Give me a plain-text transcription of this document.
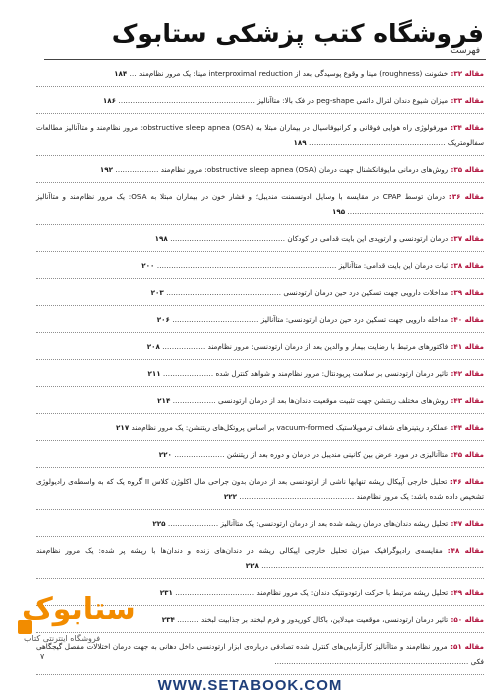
فروشگاه کتب پزشکی ستابوک
فهرست
مقاله ۳۲: خشونت (roughness) مینا و وقوع پوسیدگی بعد از interproximal reduction مینا: یک مرور نظام‌مند … ۱۸۴
مقاله ۳۳: میزان شیوع دندان لترال دائمی peg-shape در فک بالا: متاآنالیز ………………………………………………… ۱۸۶
مقاله ۳۴: مورفولوژی راه هوایی فوقانی و کرانیوفاسیال در بیماران مبتلا به (OSA) obstructive sleep apnea: مرور نظام‌مند و متاآنالیز مطالعات سفالومتریک ………………………………………………… ۱۸۹
مقاله ۳۵: روش‌های درمانی مایوفانکشنال جهت درمان (OSA) obstructive sleep apnea: مرور نظام‌مند ……………… ۱۹۲
مقاله ۳۶: درمان توسط CPAP در مقایسه با وسایل ادونسمنت مندیبل؛ و فشار خون در بیماران مبتلا به OSA: یک مرور نظام‌مند و متاآنالیز ………………………………………………… ۱۹۵
مقاله ۳۷: درمان ارتودنسی و ارتوپدی این بایت قدامی در کودکان ………………………………………… ۱۹۸
مقاله ۳۸: ثبات درمان این بایت قدامی: متاآنالیز ………………………………………………………………… ۲۰۰
مقاله ۳۹: مداخلات دارویی جهت تسکین درد حین درمان ارتودنسی ………………………………………… ۲۰۳
مقاله ۴۰: مداخله دارویی جهت تسکین درد حین درمان ارتودنسی: متاآنالیز ……………………………… ۲۰۶
مقاله ۴۱: فاکتورهای مرتبط با رضایت بیمار و والدین بعد از درمان ارتودنسی: مرور نظام‌مند ……………… ۲۰۸
مقاله ۴۲: تاثیر درمان ارتودنسی بر سلامت پریودنتال: مرور نظام‌مند و شواهد کنترل شده ………………… ۲۱۱
مقاله ۴۳: روش‌های مختلف ریتنشن جهت تثبیت موقعیت دندان‌ها بعد از درمان ارتودنسی ……………… ۲۱۴
مقاله ۴۴: عملکرد ریتینرهای شفاف ترموپلاستیک vacuum-formed بر اساس پروتکل‌های ریتنشن: یک مرور نظام‌مند ۲۱۷
مقاله ۴۵: متاآنالیزی در مورد عرض بین کانینی مندیبل در درمان و دوره بعد از ریتنشن ………………… ۲۲۰
مقاله ۴۶: تحلیل خارجی آپیکال ریشه تنهابها ناشی از ارتودنسی بعد از درمان بدون جراحی مال اکلوژن کلاس II گروه یک که به واسطه‌ی رادیولوژی تشخیص داده شده باشد: یک مرور نظام‌مند ………………………………………… ۲۲۲
مقاله ۴۷: تحلیل ریشه دندان‌های درمان ریشه شده بعد از درمان ارتودنسی: یک متاآنالیز ………………… ۲۲۵
مقاله ۴۸: مقایسه‌ی رادیوگرافیک میزان تحلیل خارجی اپیکالی ریشه در دندان‌های زنده و دندان‌ها با ریشه پر شده: یک مرور نظام‌مند ………………………………………………………………………………… ۲۲۸
مقاله ۴۹: تحلیل ریشه مرتبط با حرکت ارتودونتیک دندان: یک مرور نظام‌مند …………………………… ۲۳۱
مقاله ۵۰: تاثیر درمان ارتودنسی، موقعیت میدلاین، باکال کوریدور و فرم لبخند بر جذابیت لبخند ……… ۲۳۴
مقاله ۵۱: مرور نظام‌مند و متاآنالیز کارآزمایی‌های کنترل شده تصادفی درباره‌ی ابزار ارتودنسی داخل دهانی به جهت درمان اختلالات مفصل گیجگاهی فکی ………………………………………………………………………
ستابوک
فروشگاه اینترنتی کتاب
۷
WWW.SETABOOK.COM
